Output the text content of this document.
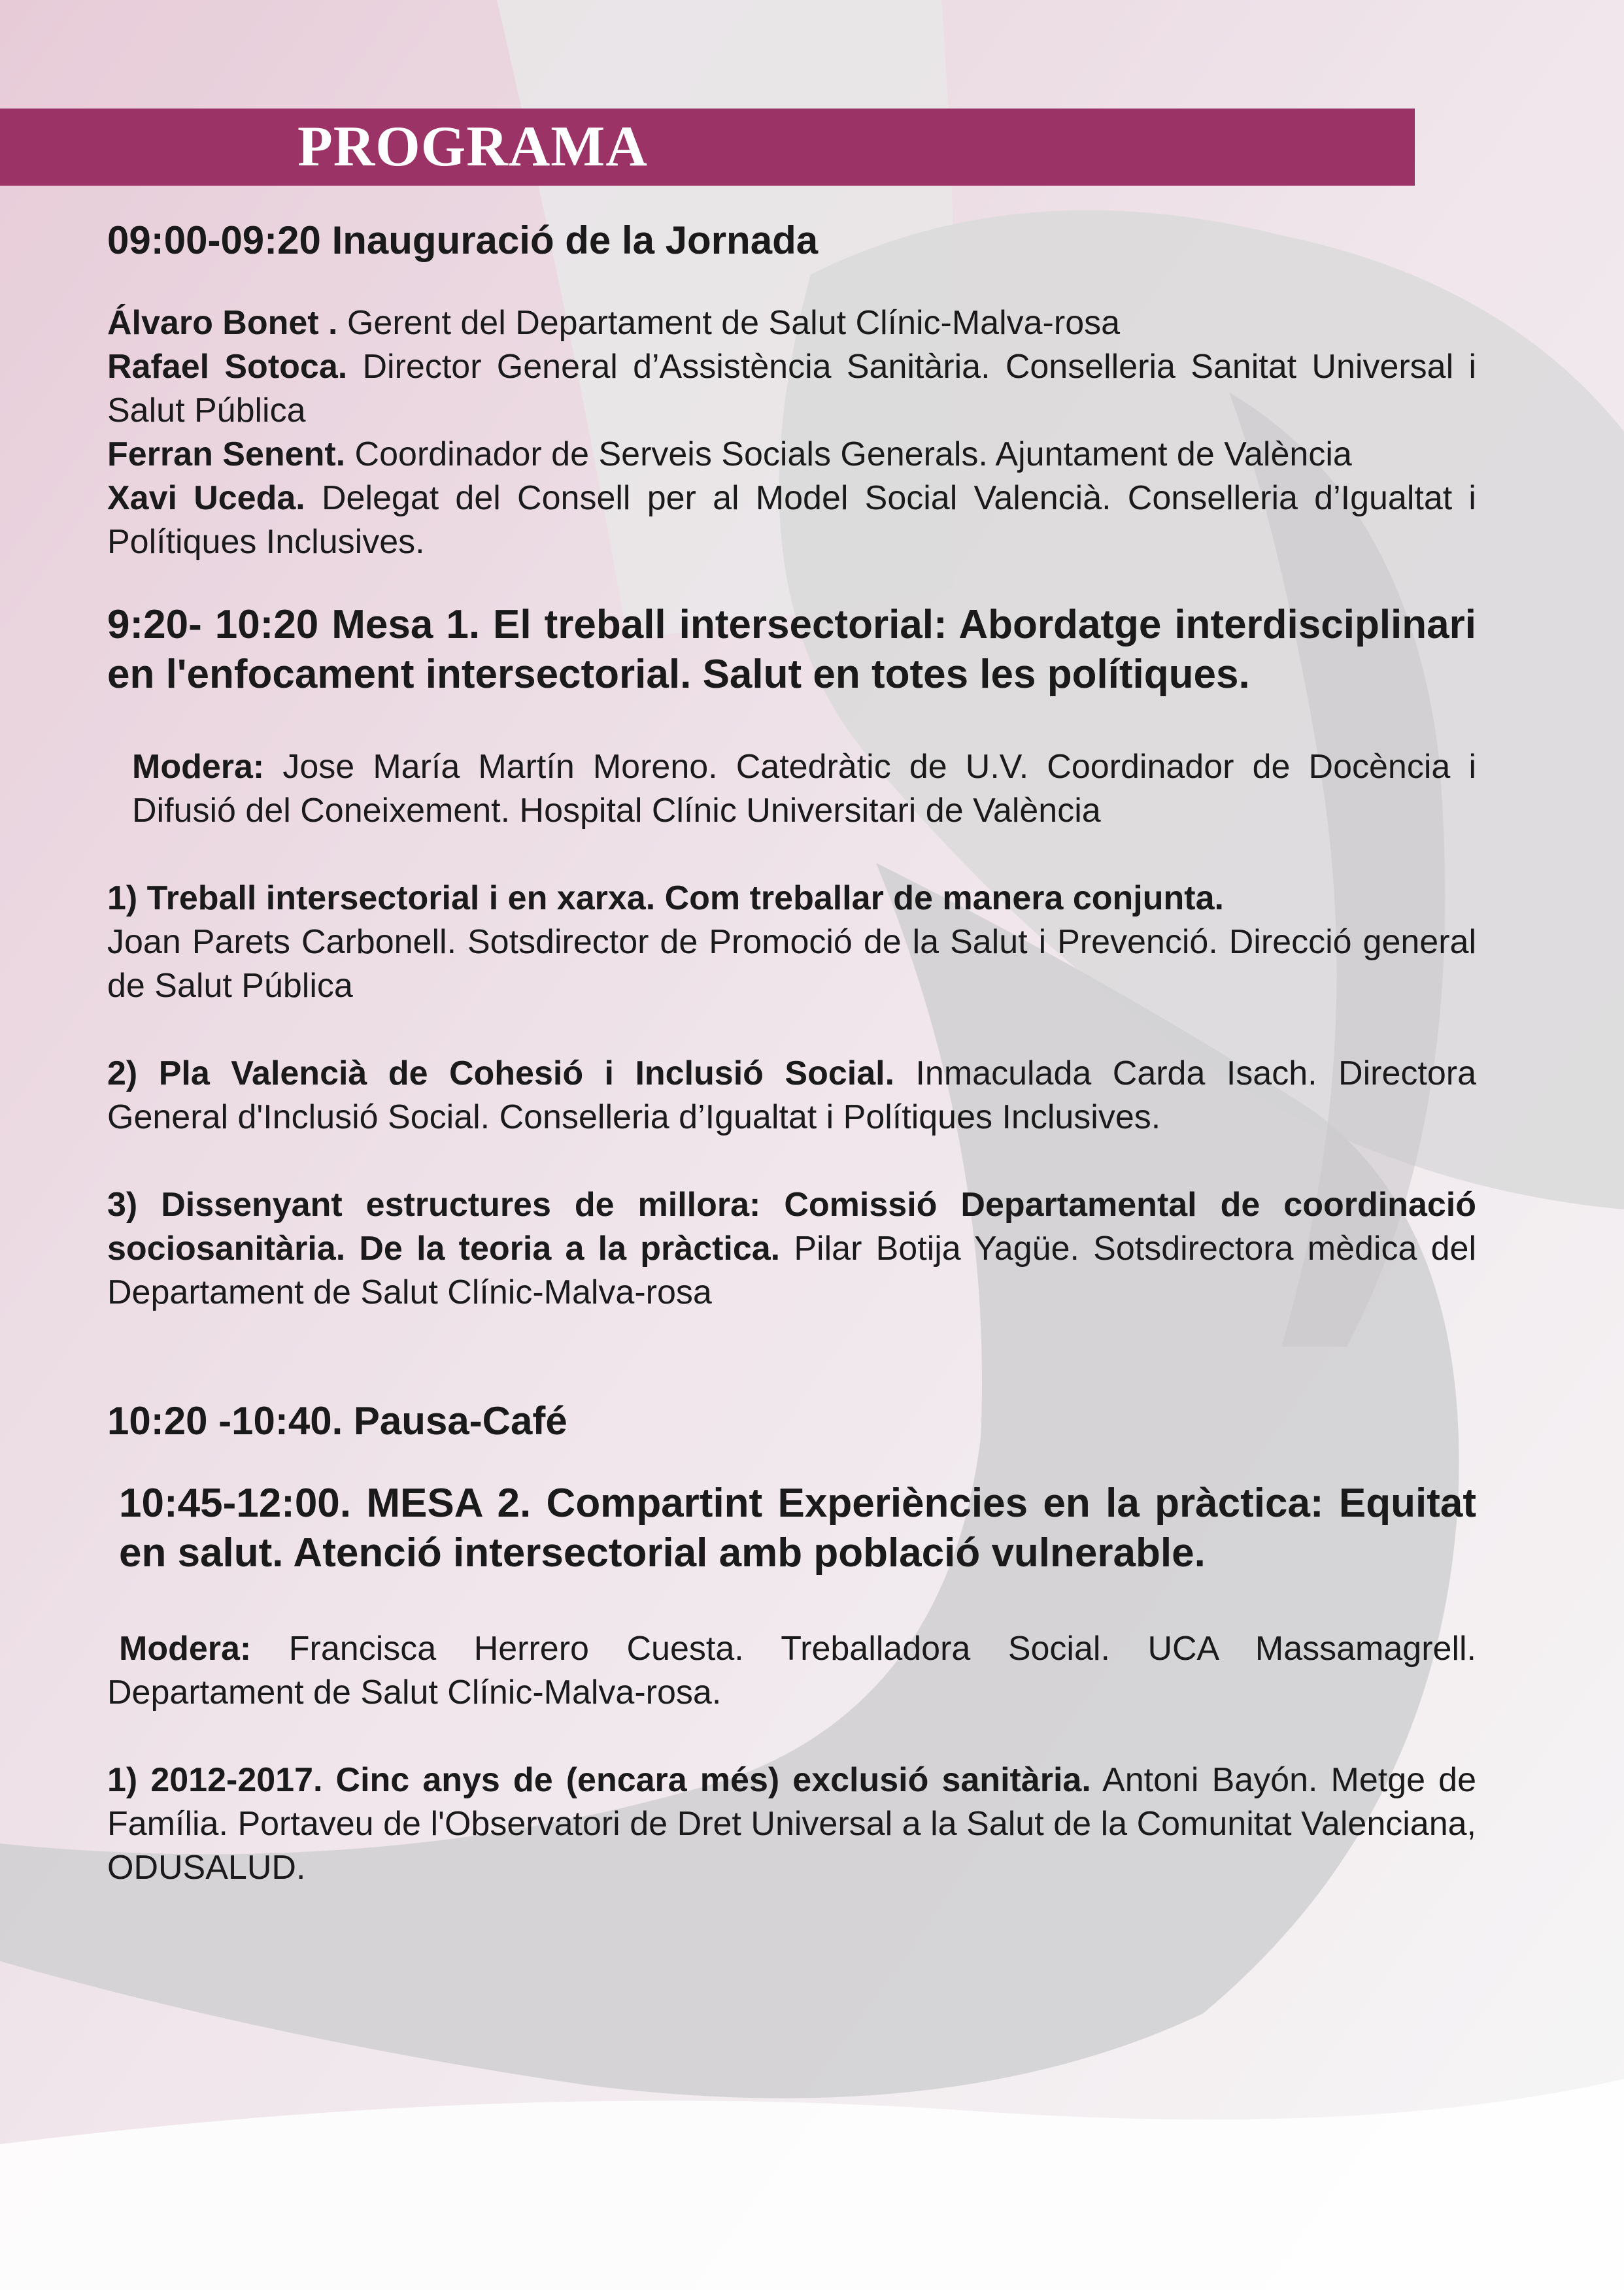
PROGRAMA

09:00-09:20 Inauguració de la Jornada

Álvaro Bonet . Gerent del Departament de Salut Clínic-Malva-rosa

Rafael Sotoca. Director General d’Assistència Sanitària. Conselleria Sanitat Universal i Salut Pública

Ferran Senent. Coordinador de Serveis Socials Generals. Ajuntament de València

Xavi Uceda. Delegat del Consell per al Model Social Valencià. Conselleria d’Igualtat i Polítiques Inclusives.

9:20- 10:20 Mesa 1. El treball intersectorial: Abordatge interdisciplinari en l'enfocament intersectorial. Salut en totes les polítiques.

Modera: Jose María Martín Moreno. Catedràtic de U.V. Coordinador de Docència i Difusió del Coneixement. Hospital Clínic Universitari de València

1) Treball intersectorial i en xarxa. Com treballar de manera conjunta.
Joan Parets Carbonell. Sotsdirector de Promoció de la Salut i Prevenció. Direcció general de Salut Pública

2) Pla Valencià de Cohesió i Inclusió Social. Inmaculada Carda Isach. Directora General d'Inclusió Social. Conselleria d’Igualtat i Polítiques Inclusives.

3) Dissenyant estructures de millora: Comissió Departamental de coordinació sociosanitària. De la teoria a la pràctica. Pilar Botija Yagüe. Sotsdirectora mèdica del Departament de Salut Clínic-Malva-rosa

10:20 -10:40. Pausa-Café

10:45-12:00. MESA 2. Compartint Experiències en la pràctica: Equitat en salut. Atenció intersectorial amb població vulnerable.

Modera: Francisca Herrero Cuesta. Treballadora Social. UCA Massamagrell. Departament de Salut Clínic-Malva-rosa.

1) 2012-2017. Cinc anys de (encara més) exclusió sanitària. Antoni Bayón. Metge de Família. Portaveu de l'Observatori de Dret Universal a la Salut de la Comunitat Valenciana, ODUSALUD.
